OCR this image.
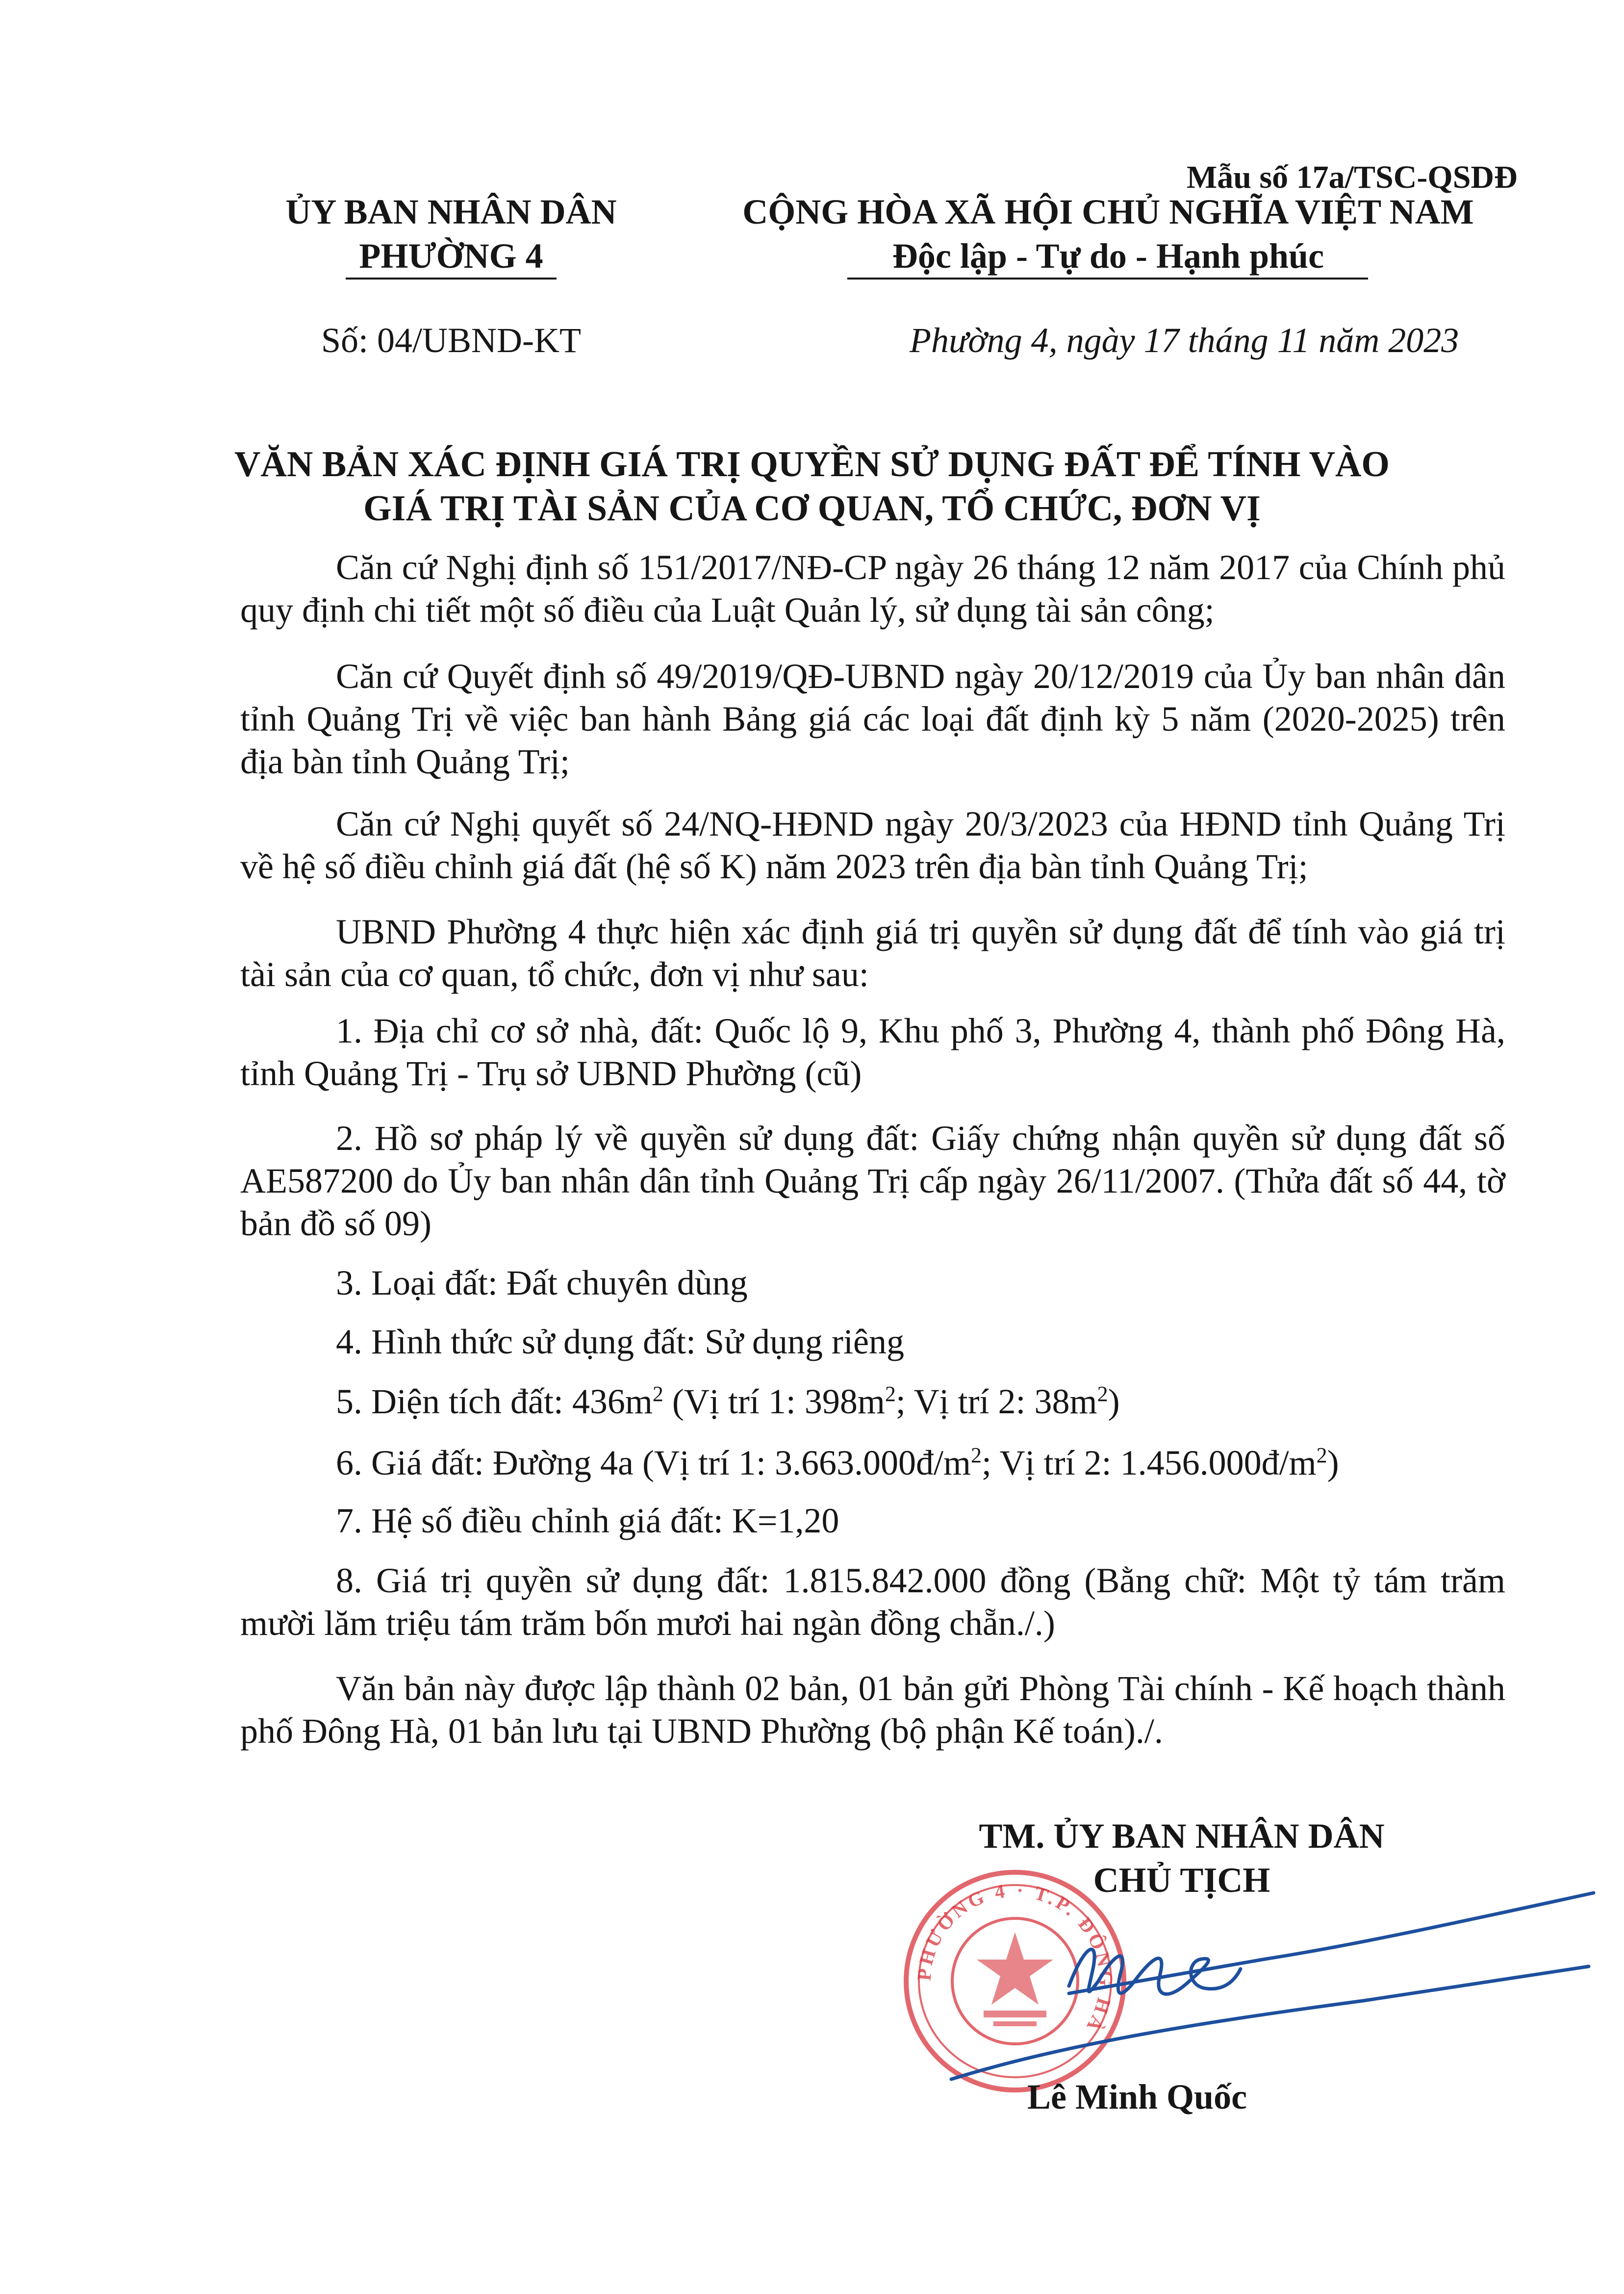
Mẫu số 17a/TSC-QSDĐ
ỦY BAN NHÂN DÂN
PHƯỜNG 4
Số: 04/UBND-KT
CỘNG HÒA XÃ HỘI CHỦ NGHĨA VIỆT NAM
Độc lập - Tự do - Hạnh phúc
Phường 4, ngày 17 tháng 11 năm 2023
VĂN BẢN XÁC ĐỊNH GIÁ TRỊ QUYỀN SỬ DỤNG ĐẤT ĐỂ TÍNH VÀO
GIÁ TRỊ TÀI SẢN CỦA CƠ QUAN, TỔ CHỨC, ĐƠN VỊ

Căn cứ Nghị định số 151/2017/NĐ-CP ngày 26 tháng 12 năm 2017 của Chính phủ quy định chi tiết một số điều của Luật Quản lý, sử dụng tài sản công;

Căn cứ Quyết định số 49/2019/QĐ-UBND ngày 20/12/2019 của Ủy ban nhân dân tỉnh Quảng Trị về việc ban hành Bảng giá các loại đất định kỳ 5 năm (2020-2025) trên địa bàn tỉnh Quảng Trị;

Căn cứ Nghị quyết số 24/NQ-HĐND ngày 20/3/2023 của HĐND tỉnh Quảng Trị về hệ số điều chỉnh giá đất (hệ số K) năm 2023 trên địa bàn tỉnh Quảng Trị;

UBND Phường 4 thực hiện xác định giá trị quyền sử dụng đất để tính vào giá trị tài sản của cơ quan, tổ chức, đơn vị như sau:

1. Địa chỉ cơ sở nhà, đất: Quốc lộ 9, Khu phố 3, Phường 4, thành phố Đông Hà, tỉnh Quảng Trị - Trụ sở UBND Phường (cũ)

2. Hồ sơ pháp lý về quyền sử dụng đất: Giấy chứng nhận quyền sử dụng đất số AE587200 do Ủy ban nhân dân tỉnh Quảng Trị cấp ngày 26/11/2007. (Thửa đất số 44, tờ bản đồ số 09)

3. Loại đất: Đất chuyên dùng

4. Hình thức sử dụng đất: Sử dụng riêng

5. Diện tích đất: $436m^2$ (Vị trí 1: $398m^2$; Vị trí 2: $38m^2$)

6. Giá đất: Đường 4a (Vị trí 1: $3.663.000đ/m^2$; Vị trí 2: $1.456.000đ/m^2$)

7. Hệ số điều chỉnh giá đất: K=1,20

8. Giá trị quyền sử dụng đất: 1.815.842.000 đồng (Bằng chữ: Một tỷ tám trăm mười lăm triệu tám trăm bốn mươi hai ngàn đồng chẵn./.)

Văn bản này được lập thành 02 bản, 01 bản gửi Phòng Tài chính - Kế hoạch thành phố Đông Hà, 01 bản lưu tại UBND Phường (bộ phận Kế toán)./.

TM. ỦY BAN NHÂN DÂN
CHỦ TỊCH
PHƯỜNG 4 · T.P. ĐÔNG HÀ
Lê Minh Quốc
